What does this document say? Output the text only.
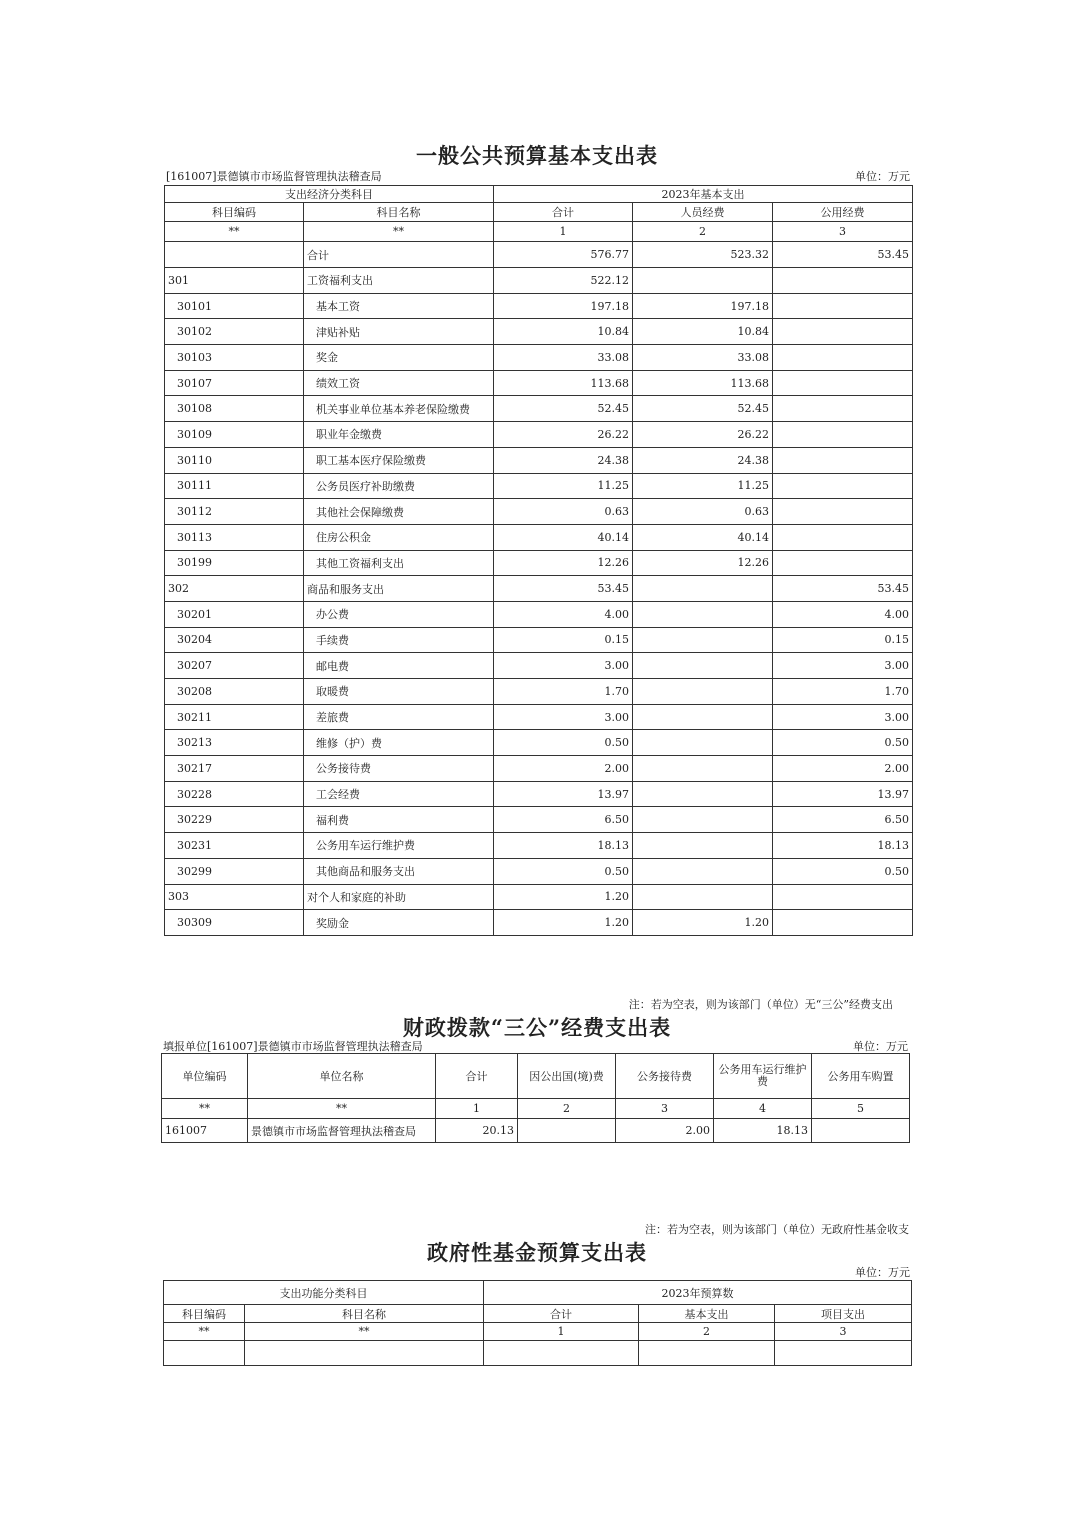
一般公共预算基本支出表
[161007]景德镇市市场监督管理执法稽查局	单位：万元
支出经济分类科目		2023年基本支出		
科目编码	科目名称	合计	人员经费	公用经费
**	**	1	2	3
	合计	576.77	523.32	53.45
301	工资福利支出	522.12		
30101	基本工资	197.18	197.18	
30102	津贴补贴	10.84	10.84	
30103	奖金	33.08	33.08	
30107	绩效工资	113.68	113.68	
30108	机关事业单位基本养老保险缴费	52.45	52.45	
30109	职业年金缴费	26.22	26.22	
30110	职工基本医疗保险缴费	24.38	24.38	
30111	公务员医疗补助缴费	11.25	11.25	
30112	其他社会保障缴费	0.63	0.63	
30113	住房公积金	40.14	40.14	
30199	其他工资福利支出	12.26	12.26	
302	商品和服务支出	53.45		53.45
30201	办公费	4.00		4.00
30204	手续费	0.15		0.15
30207	邮电费	3.00		3.00
30208	取暖费	1.70		1.70
30211	差旅费	3.00		3.00
30213	维修（护）费	0.50		0.50
30217	公务接待费	2.00		2.00
30228	工会经费	13.97		13.97
30229	福利费	6.50		6.50
30231	公务用车运行维护费	18.13		18.13
30299	其他商品和服务支出	0.50		0.50
303	对个人和家庭的补助	1.20		
30309	奖励金	1.20	1.20	
注：若为空表，则为该部门（单位）无“三公”经费支出
财政拨款“三公”经费支出表
填报单位[161007]景德镇市市场监督管理执法稽查局	单位：万元
单位编码	单位名称	合计	因公出国(境)费	公务接待费	公务用车运行维护费	公务用车购置
**	**	1	2	3	4	5
161007	景德镇市市场监督管理执法稽查局	20.13		2.00	18.13	
注：若为空表，则为该部门（单位）无政府性基金收支
政府性基金预算支出表
单位：万元
支出功能分类科目		2023年预算数		
科目编码	科目名称	合计	基本支出	项目支出
**	**	1	2	3
